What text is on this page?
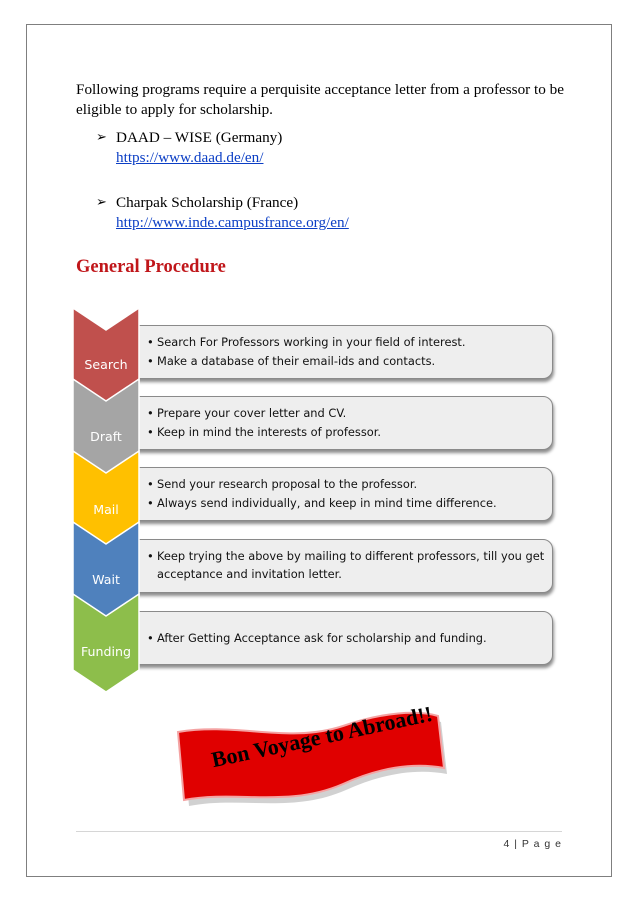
Following programs require a perquisite acceptance letter from a professor to be eligible to apply for scholarship.
➢ DAAD – WISE (Germany)
https://www.daad.de/en/
➢ Charpak Scholarship (France)
http://www.inde.campusfrance.org/en/
General Procedure
• Search For Professors working in your field of interest.
• Make a database of their email-ids and contacts.
Search
• Prepare your cover letter and CV.
• Keep in mind the interests of professor.
Draft
• Send your research proposal to the professor.
• Always send individually, and keep in mind time difference.
Mail
• Keep trying the above by mailing to different professors, till you get acceptance and invitation letter.
Wait
• After Getting Acceptance ask for scholarship and funding.
Funding
Bon Voyage to Abroad!!
4 | P a g e
